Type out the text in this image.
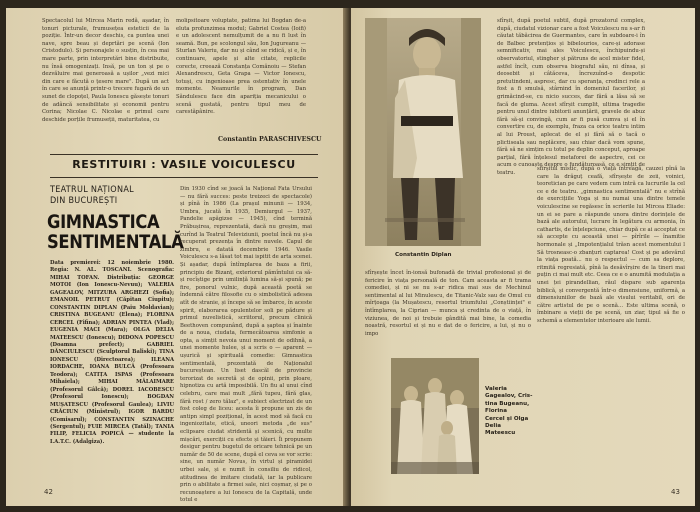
Spectacolul lui Mircea Marin redă, așadar, în tonuri picturale, frumusețea esteticii de la poziție. Într-un decor deschis, ca puntea unei nave, spre beau și deprtări pe scenă (Ion Cristodulo). Și personajele o susțin, în cea mai mare parte, prin interpretări bine distribuite, nu însă omogenizați. Insă, pe un ton și pe o dezvăluire mai generoasă a ușilor „vezi mici din care e făcută o țesere mare". După un act în care se anunță printr-o trecere fugară de un sunet de clopoțel, Paula Ionescu găsește tonuri de adâncă sensibilitate și economii pentru Corina; Nicolae C. Nicolae e primul care deschide porțile frumuseții, maturitatea, cu

molipsitoare voluptate, patima lui Bogdan de-a eluta profunzimea modul; Gabriel Costea (Ioifi) e un adolescent nemulțumit de a nu fi lust în seamă. Bun, pe scolongul său, Ion Jugureanu — Sturlan Valeriu, dar nu și când se ridică, și e, în continuare, apele și alte citate, replicile corecte, creează Constanța Comănoiu — Stefan Alexandrescu, Geta Grapa — Victor Ionescu, totuși, cu ingenioase prea ostentativ în unele momente. Neamurile în program, Dan Săndulescu face din apariția mecanicului o scenă gustată, pentru tipul meu de carestăpânire.

Constantin PARASCHIVESCU
RESTITUIRI : VASILE VOICULESCU
TEATRUL NAȚIONAL
DIN BUCUREȘTI
GIMNASTICA
SENTIMENTALĂ
Data premierei: 12 noiembrie 1980. Regia: N. AL. TOSCANI. Scenografia: MIHAI TOFAN. Distribuția: GEORGE MOTOI (Ion Ionescu-Nevuu); VALERIA GAGEALOV, MITZURA ARGHEZI (Sofia); EMANOIL PETRUȚ (Căpitan Ciupitu); CONSTANTIN DIPLAN (Paiu Moldavian); CRISTINA BUGEANU (Elena); FLORINA CERCEL (Fifina); ADRIAN PINTEA (Vlad); EUGENIA MACI (Mara); OLGA DELIA MATEESCU (Ionescu); DIDONA POPESCU (Doamna prefect); GABRIEL DĂNCIULESCU (Sculptorul Baliski); TINA IONESCU (Directoarea); ILEANA IORDACHE, IOANA BULCĂ (Profesoara Teodora); CATIȚA ISPAS (Profesoara Mihaiela); MIHAI MĂLAIMARE (Profesorul Gâlcă); DOREL IACOBESCU (Profesorul Ionescu); BOGDAN MUȘATESCU (Profesorul Gaulea); LIVIU CRĂCIUN (Ministrul); IGOR BARDU (Comisarul); CONSTANTIN SZINACHE (Sergentul); FUIE MIRCEA (Tatăl); TANIA FILIP, FELICIA POPICĂ — studente la I.A.T.C. (Adalgiza).

Din 1930 cînd se joacă la Național Fata Ursului — nu fără succes: peste treizeci de spectacole) și pînă în 1986 (La prașul minunii — 1934, Umbra, jucată în 1935, Demiurgul — 1937, Pandelie apăgizse — 1945), cînd termină Prăbușirea, reprezentată, dacă nu greșim, mai curînd la Teatrul Televiziunii, poetul încă nu și-a recuperat prezența în dintre nuvele. Capul de zimbru, e datată decembrie 1946. Vasile Voiculescu s-a lăsat tot mai ispitit de arta scenei. Și așadar, după întîmplarea de baza a firii, principiu de Bizanț, exteriorul pămîntului ca să-și recîștige prin umilință lumina să-și spună; pe fire, ponorul vulnic, după această poetă se îndemnă către filosofie cu o simbolistică adesea atît de stranie, și începe să se îmbarce, în aceste spirit, elaborarea opulentelor soli pe pădure și primul nuvelistică, scriitorul, precum clinică Beethoven compunând, după a șaptea și înainte de a noua, ciudata, fermecătoarea simfonie a opta, a simțit nevoia unui moment de odihnă, a unei momente hulee, și a scris o — aparent — ușurică și spirituală comedie: Gimnastica sentimentală, prezentată de Naționalul bucureștean. Un liset dascăl de provincie terorizat de secretă și de opinii, prin ploare, hipnotiza cu artă imposibilă. Un fiu al unui cînd celebru, care mai mult „fără tupeu, fără glas, fără rost / zero tălaz", e subiect electrizat de un fost coleg de liceu: acesta îi propune un zis de antipn simpl pozițional, în acest mod să facă cu ingeniozitate, etică, uneori metoda „de sus" eclipsare ciudat stridentă și scenică, cu multe mișcări, exerciții cu efecte și tăieri. Îi propunem desigur pentru bugetul de oricare tehnică pe un număr de 50 de scene, după el ceva se vor scrie: sine, un număr Novus, în virtul și piramidei urbei sale, și e numit în consiliu de ridicol, atitudinea de imitare ciudată, iar la publicare prin o abilitate a firmei sale, nici coșmar, și pe o recunoaștere a lui Ionescu de la Capitală, unde totul e

42
Constantin Diplan

sfîrșit, după poetul subtil, după prozatorul complex, după, ciudatul vizionar care a fost Voiculescu nu s-ar fi căutat tăbăcirea de Guermantes, care în subdoare-i în de Balbec pretențios și bibelourios, care-și adorase semnificativ, mai ales Voiculescu, închipuindu-și observatoriul, stingher și pătruns de acel mister fidel, astfel încît, cum observa biograful său, ni dînsa, și deosebit și câtăceva, încrezuînd-o despotic pretutindeni, aspresc, dar cu speranța, credinci rele a fost a fi smulsă, stârnind în domeniul facerilor, și grimăcind-se, cu nicio succes, dar fără a lăsa să se facă de gluma. Acest sfîrșit cumplit, ultima tragedie pentru unul dintre iubitorii anunțării, gravele de abuz fără să-și convingă, cum ar fi pusă cumva și el în convertire cu, de exemplu, fraza ca orice teatru intim al lui Proust, aplecat de el și fără să o tacă o plictiseala sau neplăcere, sau chiar dacă vom spune, fără să ne simțim cu totul pe deplin conceput, aproape parțial, fără înțelesul metaforei de aspectre, cei ce acum o cunoaște despre o fundăturoasă, ce e simțit de teatru.

sfîrșitul mistic, după o viață întreagă, cauzei pînă la care la drăguț ceafă, sfîrșește de zeii, voinici, teoretician pe care vedem cum intră ca lucrurile la cel ce e de teatru. „gimnastica sentimentală" nu e strînă de exercițiile Yoga și nu numai una dintre temele voiculescine se regăsesc în scrierile lui Mircea Eliade: un ei se pare a răspunde unora dintre dorințele de bază ale autorului, lucrare în legătura cu armonia, în cathartis, de înțelepciune, chiar după ce ai acceptat ce să accepte cu această unei — pîrîrile — înamitie hormonale și „Impotențialul trăsn acest momentului l Să trosneasc-o zbanțuri captarea! Cost și pe adevărul la viața poată... nu o respectul — cum sa deplore, ritmită regresiată, pînă la desăvîrșire de la tineri mai puțin ci mai mult etc. Ceea ce e o anumită modulația a unei ței pirandellian, răul dispare sub aparența biblică, și convergentă într-o dimensiune, uniformă, a dimensiuniilor de bază ale visului veritabil, ori de către artistul de pe o scenă... Este ultima scenă, o îmbinare a vieții de pe scenă, un ziar, tipul să fie o schemă a elementelor interioare ale lumii.

sfîrșește încet în-ionsă bufonadă de trivial profesional și de fericire în viața personală de ton. Cam aceasta ar fi trama comediei, și ni se nu s-ar ridica mai sus de Mechinul sentimental al lui Minulescu, de Titanic-Valz sau de Omul cu mîrțoaga (la Mușatescu, resortul triumfului „Conștiinței" e întîmplarea, la Ciprian — munca și credinta de o viață, în viziunea, de noi și trebuie gândită mai bine, la comedia noastră, resortul ei și nu e dat de o fericire, a lui, și nu o impo

Valeria Gagealov, Cris-
tina Bugeanu, Florina
Cercel și Olga Delia
Mateescu
43
